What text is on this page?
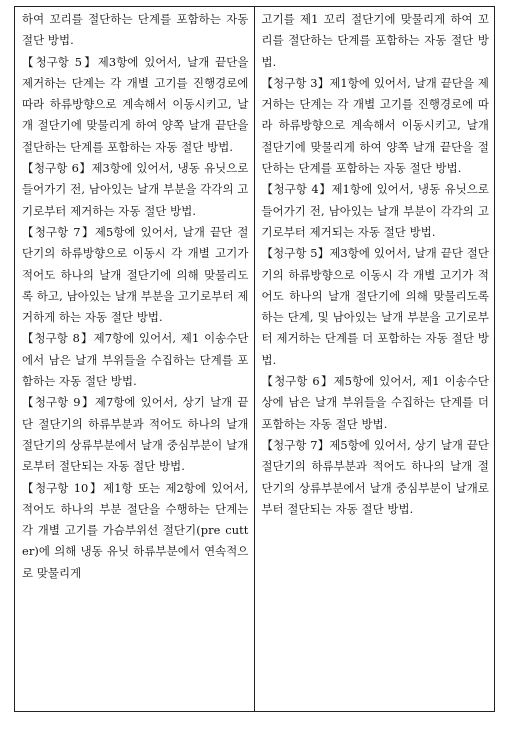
하여 꼬리를 절단하는 단계를 포함하는 자동 절단 방법.

【청구항 5】제3항에 있어서, 날개 끝단을 제거하는 단계는 각 개별 고기를 진행경로에 따라 하류방향으로 계속해서 이동시키고, 날개 절단기에 맞물리게 하여 양쪽 날개 끝단을 절단하는 단계를 포함하는 자동 절단 방법.

【청구항 6】제3항에 있어서, 냉동 유닛으로 들어가기 전, 남아있는 날개 부분을 각각의 고기로부터 제거하는 자동 절단 방법.

【청구항 7】제5항에 있어서, 날개 끝단 절단기의 하류방향으로 이동시 각 개별 고기가 적어도 하나의 날개 절단기에 의해 맞물리도록 하고, 남아있는 날개 부분을 고기로부터 제거하게 하는 자동 절단 방법.

【청구항 8】제7항에 있어서, 제1 이송수단에서 남은 날개 부위들을 수집하는 단계를 포함하는 자동 절단 방법.

【청구항 9】제7항에 있어서, 상기 날개 끝단 절단기의 하류부분과 적어도 하나의 날개 절단기의 상류부분에서 날개 중심부분이 날개로부터 절단되는 자동 절단 방법.

【청구항 10】제1항 또는 제2항에 있어서, 적어도 하나의 부분 절단을 수행하는 단계는 각 개별 고기를 가슴부위선 절단기(pre cutter)에 의해 냉동 유닛 하류부분에서 연속적으로 맞물리게

고기를 제1 꼬리 절단기에 맞물리게 하여 꼬리를 절단하는 단계를 포함하는 자동 절단 방법.

【청구항 3】제1항에 있어서, 날개 끝단을 제거하는 단계는 각 개별 고기를 진행경로에 따라 하류방향으로 계속해서 이동시키고, 날개 절단기에 맞물리게 하여 양쪽 날개 끝단을 절단하는 단계를 포함하는 자동 절단 방법.

【청구항 4】제1항에 있어서, 냉동 유닛으로 들어가기 전, 남아있는 날개 부분이 각각의 고기로부터 제거되는 자동 절단 방법.

【청구항 5】제3항에 있어서, 날개 끝단 절단기의 하류방향으로 이동시 각 개별 고기가 적어도 하나의 날개 절단기에 의해 맞물리도록 하는 단계, 및 남아있는 날개 부분을 고기로부터 제거하는 단계를 더 포함하는 자동 절단 방법.

【청구항 6】제5항에 있어서, 제1 이송수단 상에 남은 날개 부위들을 수집하는 단계를 더 포함하는 자동 절단 방법.

【청구항 7】제5항에 있어서, 상기 날개 끝단 절단기의 하류부분과 적어도 하나의 날개 절단기의 상류부분에서 날개 중심부분이 날개로부터 절단되는 자동 절단 방법.
